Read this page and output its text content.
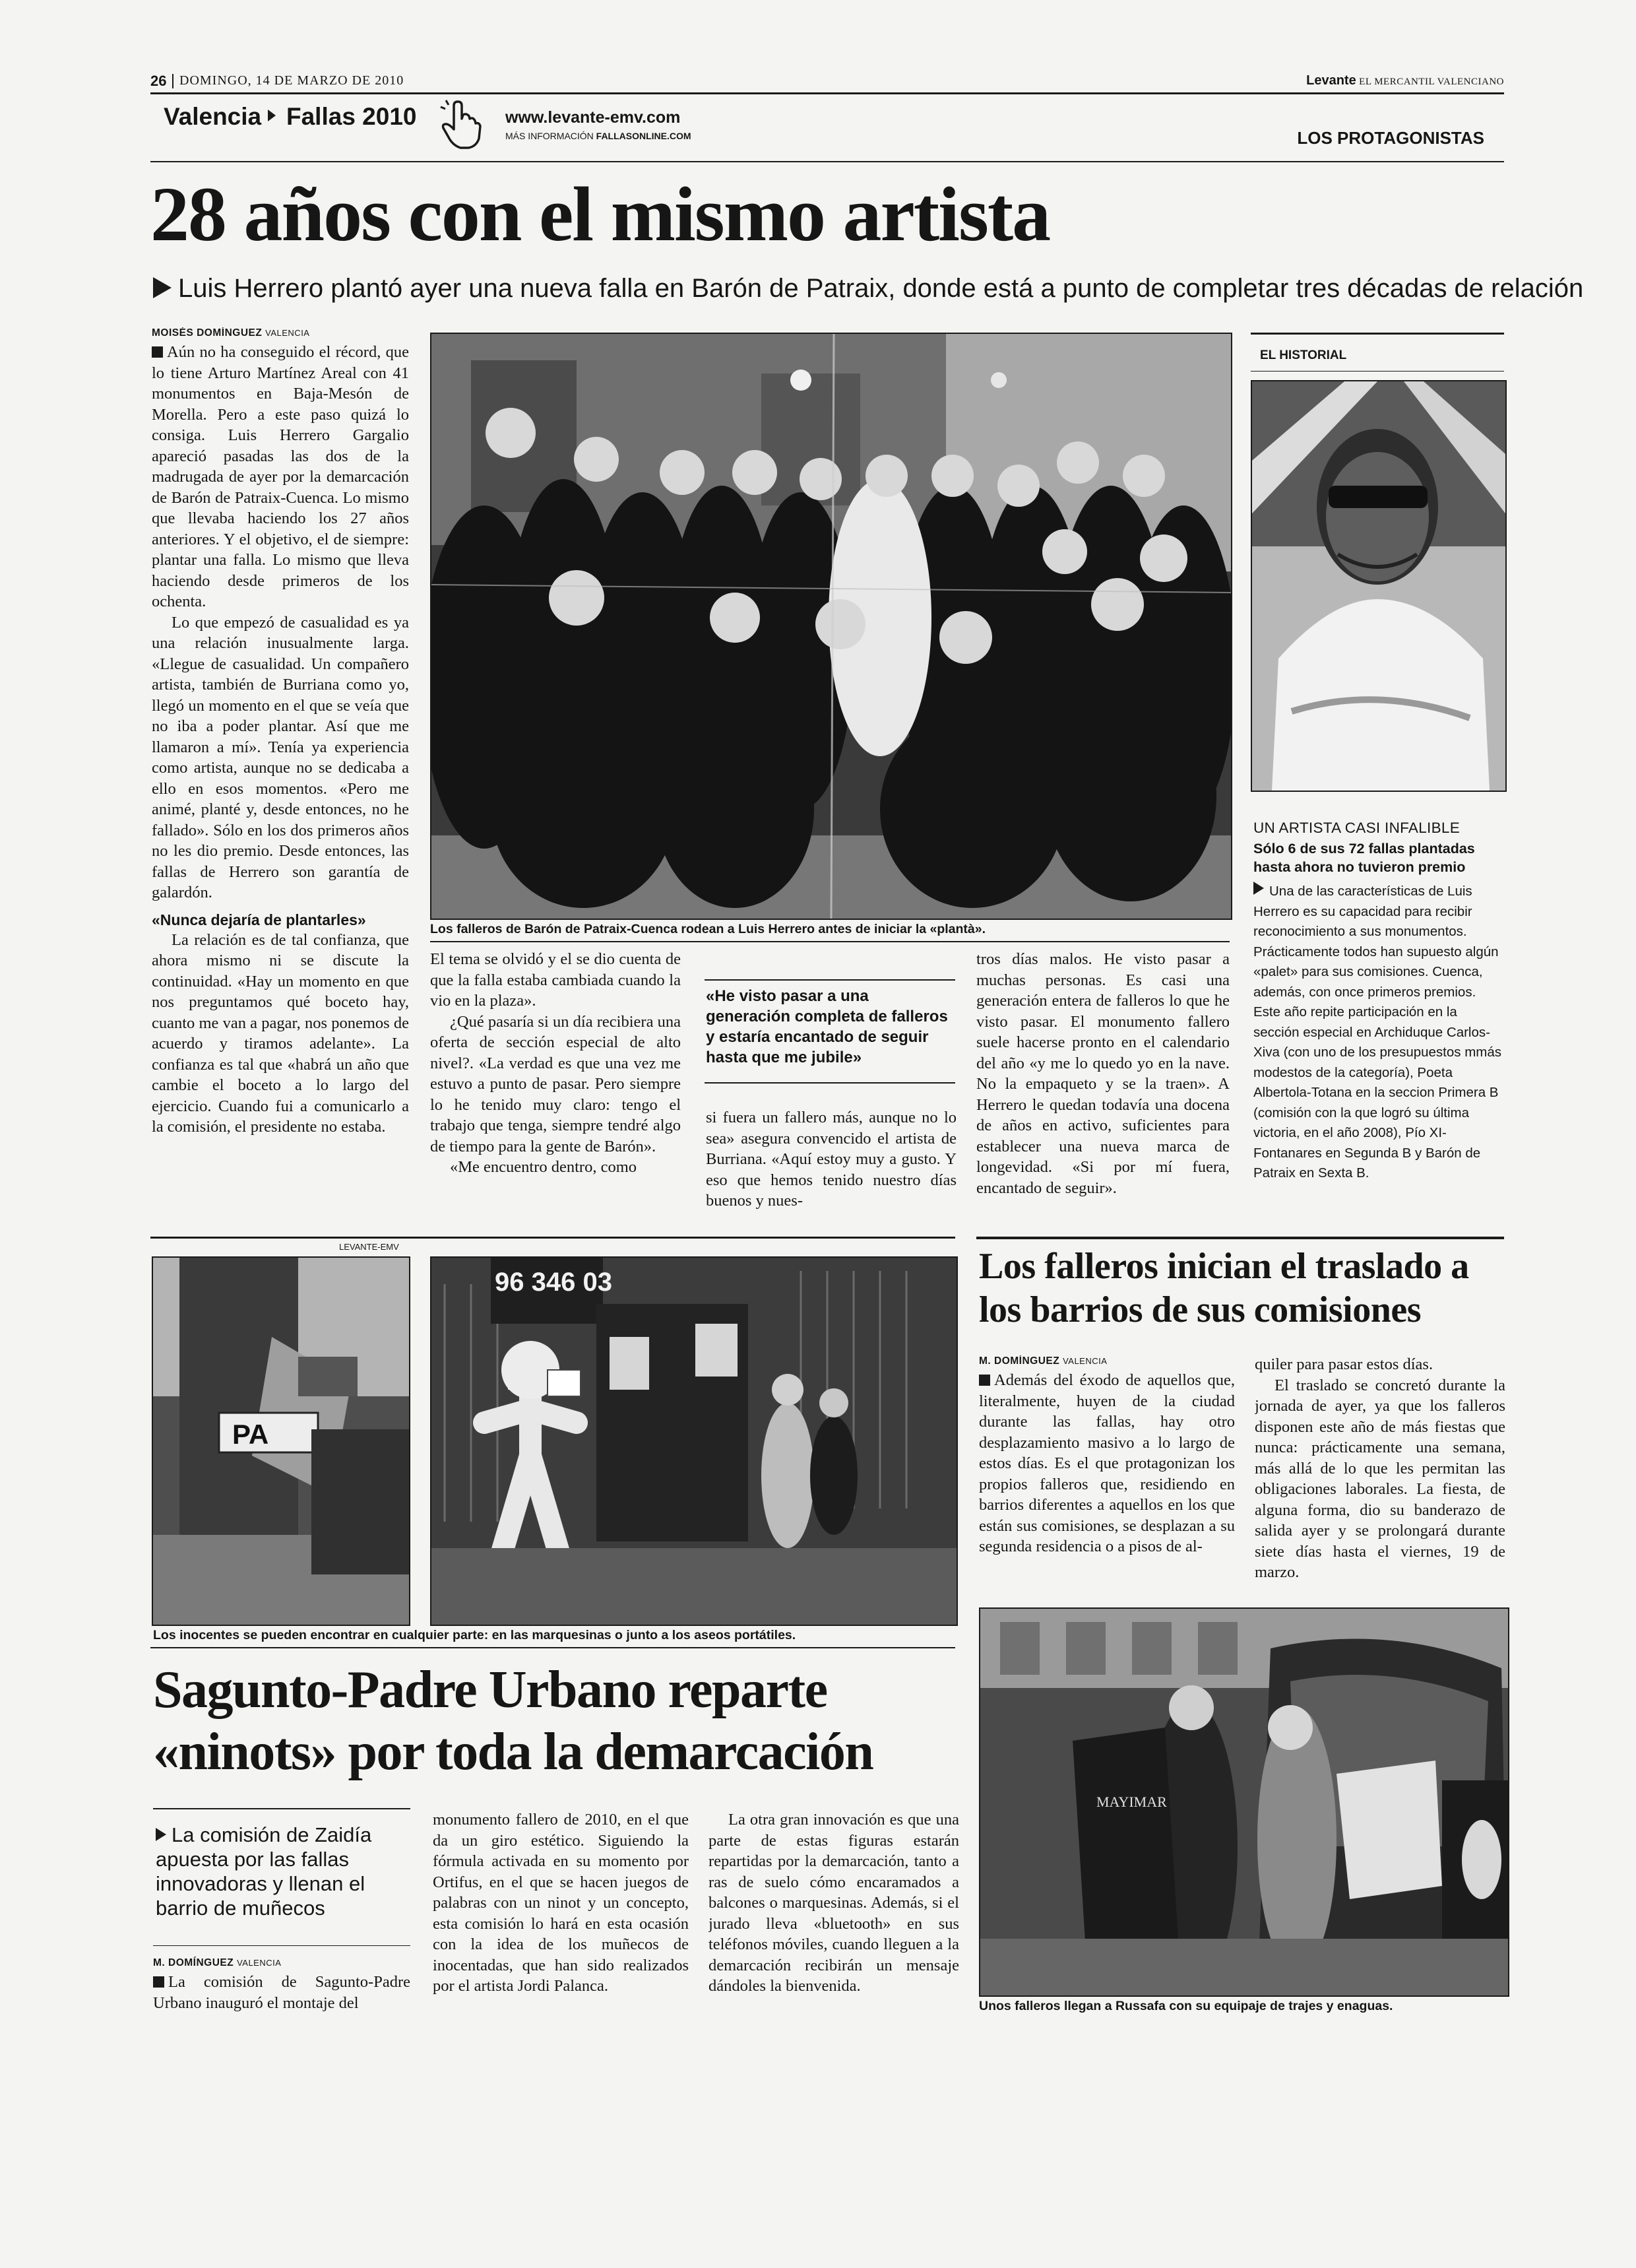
26 DOMINGO, 14 DE MARZO DE 2010	Levante EL MERCANTIL VALENCIANO
Valencia Fallas 2010	www.levante-emv.com
MÁS INFORMACIÓN FALLASONLINE.COM	LOS PROTAGONISTAS
28 años con el mismo artista
Luis Herrero plantó ayer una nueva falla en Barón de Patraix, donde está a punto de completar tres décadas de relación

MOISÉS DOMÍNGUEZ VALENCIA

Aún no ha conseguido el récord, que lo tiene Arturo Martínez Areal con 41 monumentos en Baja-Mesón de Morella. Pero a este paso quizá lo consiga. Luis Herrero Gargalio apareció pasadas las dos de la madrugada de ayer por la demarcación de Barón de Patraix-Cuenca. Lo mismo que llevaba haciendo los 27 años anteriores. Y el objetivo, el de siempre: plantar una falla. Lo mismo que lleva haciendo desde primeros de los ochenta.

Lo que empezó de casualidad es ya una relación inusualmente larga. «Llegue de casualidad. Un compañero artista, también de Burriana como yo, llegó un momento en el que se veía que no iba a poder plantar. Así que me llamaron a mí». Tenía ya experiencia como artista, aunque no se dedicaba a ello en esos momentos. «Pero me animé, planté y, desde entonces, no he fallado». Sólo en los dos primeros años no les dio premio. Desde entonces, las fallas de Herrero son garantía de galardón.

«Nunca dejaría de plantarles»

La relación es de tal confianza, que ahora mismo ni se discute la continuidad. «Hay un momento en que nos preguntamos qué boceto hay, cuanto me van a pagar, nos ponemos de acuerdo y tiramos adelante». La confianza es tal que «habrá un año que cambie el boceto a lo largo del ejercicio. Cuando fui a comunicarlo a la comisión, el presidente no estaba.

Los falleros de Barón de Patraix-Cuenca rodean a Luis Herrero antes de iniciar la «plantà».

El tema se olvidó y el se dio cuenta de que la falla estaba cambiada cuando la vio en la plaza».

¿Qué pasaría si un día recibiera una oferta de sección especial de alto nivel?. «La verdad es que una vez me estuvo a punto de pasar. Pero siempre lo he tenido muy claro: tengo el trabajo que tenga, siempre tendré algo de tiempo para la gente de Barón».

«Me encuentro dentro, como

«He visto pasar a una generación completa de falleros y estaría encantado de seguir hasta que me jubile»

si fuera un fallero más, aunque no lo sea» asegura convencido el artista de Burriana. «Aquí estoy muy a gusto. Y eso que hemos tenido nuestro días buenos y nues-

tros días malos. He visto pasar a muchas personas. Es casi una generación entera de falleros lo que he visto pasar. El monumento fallero suele hacerse pronto en el calendario del año «y me lo quedo yo en la nave. No la empaqueto y se la traen». A Herrero le quedan todavía una docena de años en activo, suficientes para establecer una nueva marca de longevidad. «Si por mí fuera, encantado de seguir».

EL HISTORIAL
UN ARTISTA CASI INFALIBLE
Sólo 6 de sus 72 fallas plantadas hasta ahora no tuvieron premio
Una de las características de Luis Herrero es su capacidad para recibir reconocimiento a sus monumentos. Prácticamente todos han supuesto algún «palet» para sus comisiones. Cuenca, además, con once primeros premios. Este año repite participación en la sección especial en Archiduque Carlos-Xiva (con uno de los presupuestos mmás modestos de la categoría), Poeta Albertola-Totana en la seccion Primera B (comisión con la que logró su última victoria, en el año 2008), Pío XI-Fontanares en Segunda B y Barón de Patraix en Sexta B.
LEVANTE-EMV
PA
96 346 03
Los inocentes se pueden encontrar en cualquier parte: en las marquesinas o junto a los aseos portátiles.
Sagunto-Padre Urbano reparte
«ninots» por toda la demarcación
La comisión de Zaidía apuesta por las fallas innovadoras y llenan el barrio de muñecos

M. DOMÍNGUEZ VALENCIA

La comisión de Sagunto-Padre Urbano inauguró el montaje del

monumento fallero de 2010, en el que da un giro estético. Siguiendo la fórmula activada en su momento por Ortifus, en el que se hacen juegos de palabras con un ninot y un concepto, esta comisión lo hará en esta ocasión con la idea de los muñecos de inocentadas, que han sido realizados por el artista Jordi Palanca.

La otra gran innovación es que una parte de estas figuras estarán repartidas por la demarcación, tanto a ras de suelo cómo encaramados a balcones o marquesinas. Además, si el jurado lleva «bluetooth» en sus teléfonos móviles, cuando lleguen a la demarcación recibirán un mensaje dándoles la bienvenida.

Los falleros inician el traslado a los barrios de sus comisiones

M. DOMÍNGUEZ VALENCIA

Además del éxodo de aquellos que, literalmente, huyen de la ciudad durante las fallas, hay otro desplazamiento masivo a lo largo de estos días. Es el que protagonizan los propios falleros que, residiendo en barrios diferentes a aquellos en los que están sus comisiones, se desplazan a su segunda residencia o a pisos de al-

quiler para pasar estos días.

El traslado se concretó durante la jornada de ayer, ya que los falleros disponen este año de más fiestas que nunca: prácticamente una semana, más allá de lo que les permitan las obligaciones laborales. La fiesta, de alguna forma, dio su banderazo de salida ayer y se prolongará durante siete días hasta el viernes, 19 de marzo.

MAYIMAR
Unos falleros llegan a Russafa con su equipaje de trajes y enaguas.
